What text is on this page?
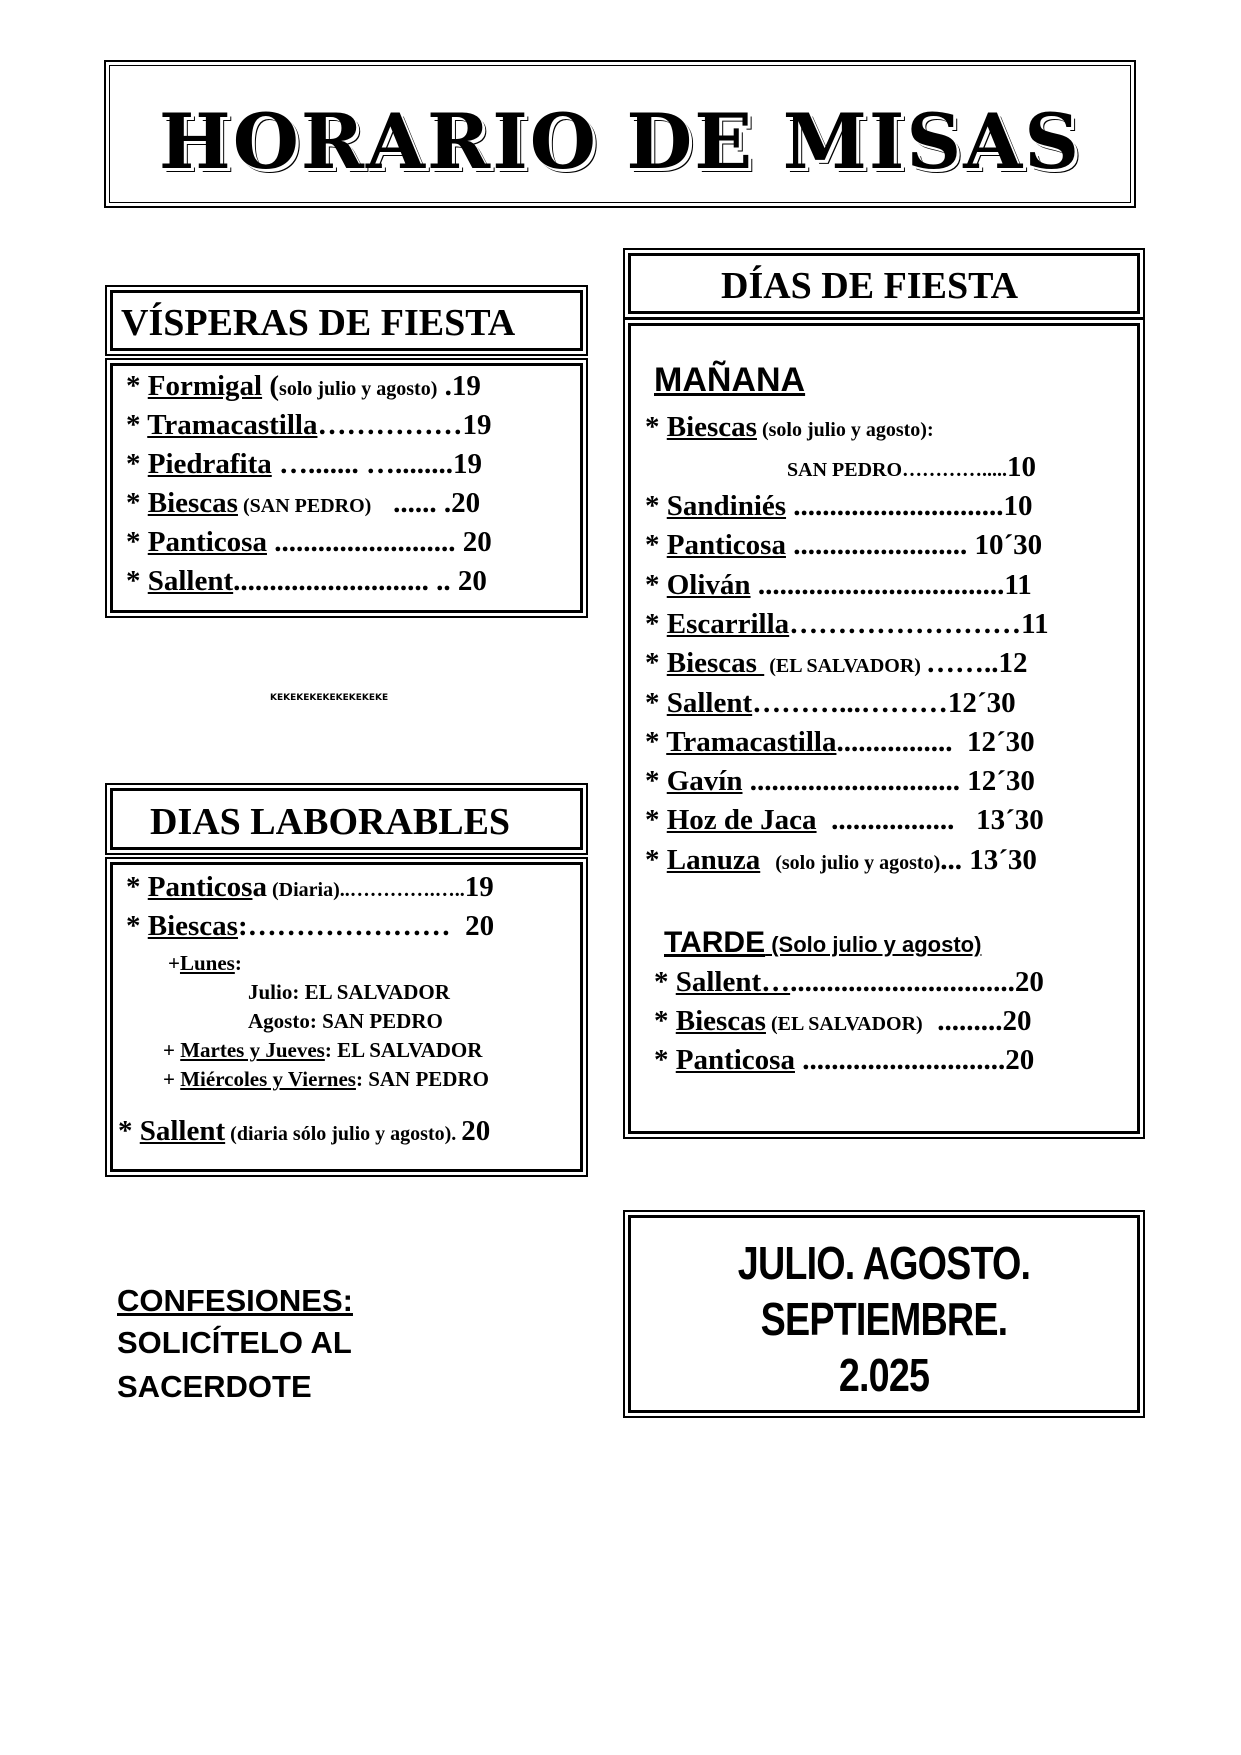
HORARIO DE MISAS
VÍSPERAS DE FIESTA
* Formigal (solo julio y agosto) .19
* Tramacastilla……………19
* Piedrafita …....... …........19
* Biescas (SAN PEDRO)   ...... .20
* Panticosa ......................... 20
* Sallent........................... .. 20
KEKEKEKEKEKEKEKEKE
DIAS LABORABLES
* Panticosa (Diaria)..………….…..19
* Biescas:…………………  20
+Lunes:
Julio: EL SALVADOR
Agosto: SAN PEDRO
+ Martes y Jueves: EL SALVADOR
+ Miércoles y Viernes: SAN PEDRO
* Sallent (diaria sólo julio y agosto). 20
CONFESIONES:
SOLICÍTELO AL
SACERDOTE
DÍAS DE FIESTA
MAÑANA
* Biescas (solo julio y agosto):
SAN PEDRO………….....10
* Sandiniés .............................10
* Panticosa ........................ 10´30
* Oliván ..................................11
* Escarrilla……………………11
* Biescas  (EL SALVADOR) ……..12
* Sallent………...………12´30
* Tramacastilla................  12´30
* Gavín ............................. 12´30
* Hoz de Jaca  .................   13´30
* Lanuza   (solo julio y agosto)... 13´30
TARDE (Solo julio y agosto)
* Sallent…...............................20
* Biescas (EL SALVADOR)  .........20
* Panticosa ............................20
JULIO. AGOSTO.
SEPTIEMBRE.
2.025
